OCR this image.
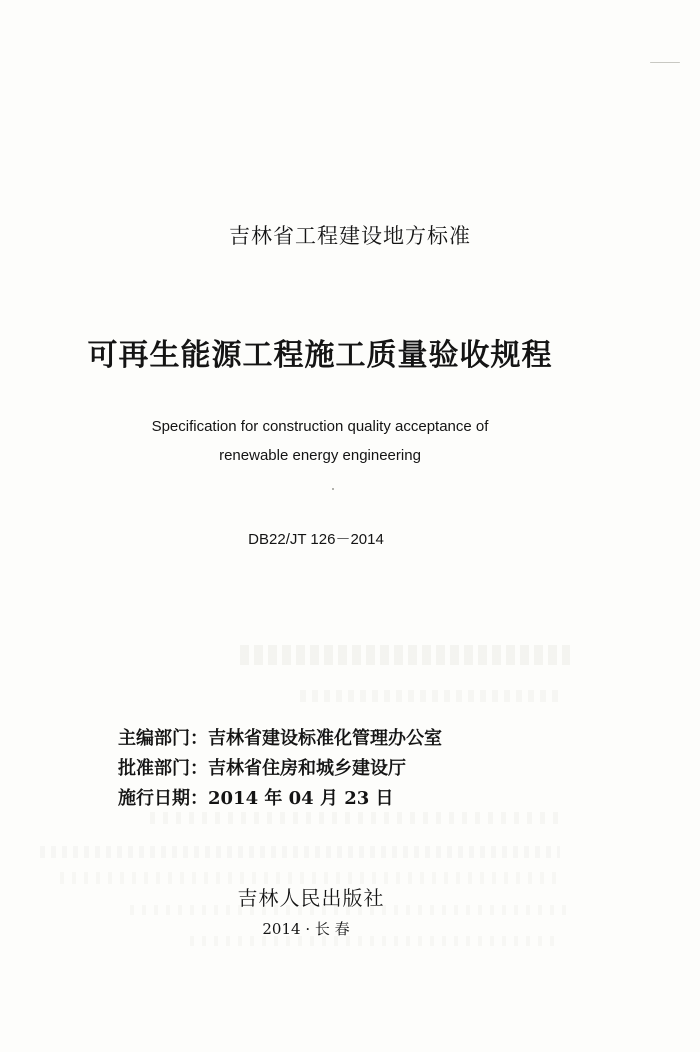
吉林省工程建设地方标准
可再生能源工程施工质量验收规程
Specification for construction quality acceptance of
renewable energy engineering
DB22/JT 126－2014
主编部门：吉林省建设标准化管理办公室
批准部门：吉林省住房和城乡建设厅
施行日期：2014 年 04 月 23 日
吉林人民出版社
2014 · 长 春
